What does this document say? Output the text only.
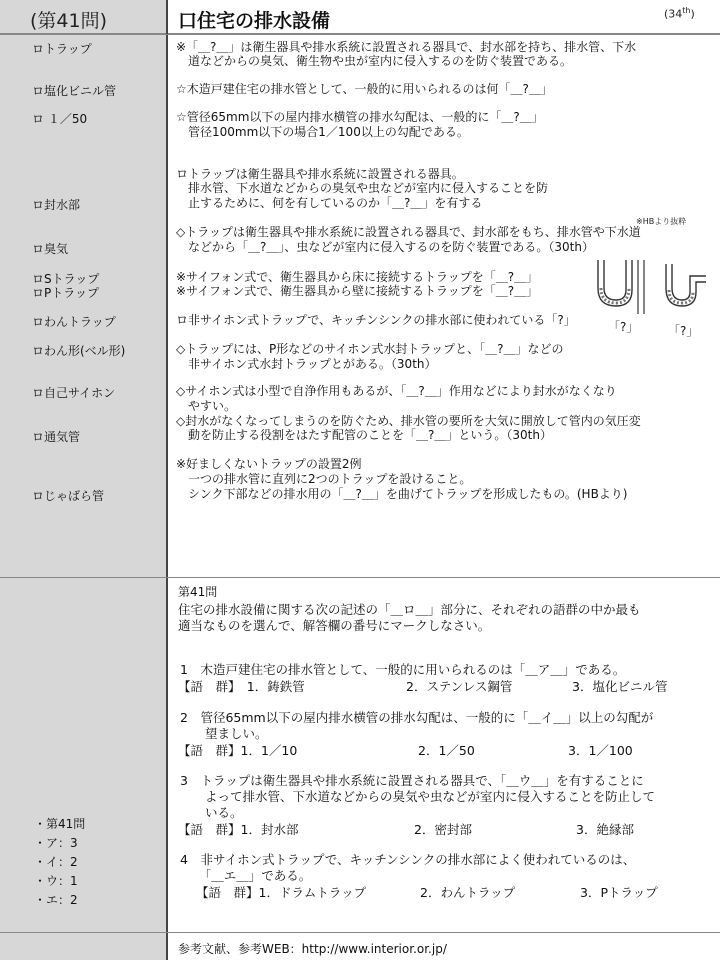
(第41問)	口住宅の排水設備	(34th)
ロトラップ
ロ塩化ビニル管
ロ １／50
ロ封水部
ロ臭気
ロSトラップ
ロPトラップ
ロわんトラップ
ロわん形(ベル形)
ロ自己サイホン
ロ通気管
ロじゃばら管
※「＿?＿」は衛生器具や排水系統に設置される器具で、封水部を持ち、排水管、下水
　道などからの臭気、衛生物や虫が室内に侵入するのを防ぐ装置である。
☆木造戸建住宅の排水管として、一般的に用いられるのは何「＿?＿」
☆管径65mm以下の屋内排水横管の排水勾配は、一般的に「＿?＿」
　管径100mm以下の場合1／100以上の勾配である。
ロトラップは衛生器具や排水系統に設置される器具。
　排水管、下水道などからの臭気や虫などが室内に侵入することを防
　止するために、何を有しているのか「＿?＿」を有する
※HBより抜粋
◇トラップは衛生器具や排水系統に設置される器具で、封水部をもち、排水管や下水道
　などから「＿?＿」、虫などが室内に侵入するのを防ぐ装置である。（30th）
※サイフォン式で、衛生器具から床に接続するトラップを「＿?＿」
※サイフォン式で、衛生器具から壁に接続するトラップを「＿?＿」
ロ非サイホン式トラップで、キッチンシンクの排水部に使われている「?」
◇トラップには、P形などのサイホン式水封トラップと、「＿?＿」などの
　非サイホン式水封トラップとがある。（30th）
◇サイホン式は小型で自浄作用もあるが、「＿?＿」作用などにより封水がなくなり
　やすい。
◇封水がなくなってしまうのを防ぐため、排水管の要所を大気に開放して管内の気圧変
　動を防止する役割をはたす配管のことを「＿?＿」という。（30th）
※好ましくないトラップの設置2例
　一つの排水管に直列に2つのトラップを設けること。
　シンク下部などの排水用の「＿?＿」を曲げてトラップを形成したもの。(HBより)
「?」 「?」
第41問
住宅の排水設備に関する次の記述の「＿ロ＿」部分に、それぞれの語群の中か最も
適当なものを選んで、解答欄の番号にマークしなさい。
1　木造戸建住宅の排水管として、一般的に用いられるのは「＿ア＿」である。
【語　群】　1．鋳鉄管	2．ステンレス鋼管	3．塩化ビニル管
2　管径65mm以下の屋内排水横管の排水勾配は、一般的に「＿イ＿」以上の勾配が
　　望ましい。
【語　群】1．1／10	2．1／50	3．1／100
3　トラップは衛生器具や排水系統に設置される器具で、「＿ウ＿」を有することに
　　よって排水管、下水道などからの臭気や虫などが室内に侵入することを防止して
　　いる。
【語　群】1．封水部	2．密封部	3．絶縁部
4　非サイホン式トラップで、キッチンシンクの排水部によく使われているのは、
　　「＿エ＿」である。
【語　群】1．ドラムトラップ	2．わんトラップ	3．Pトラップ
・第41問
・ア：3
・イ：2
・ウ：1
・エ：2
参考文献、参考WEB：http://www.interior.or.jp/
